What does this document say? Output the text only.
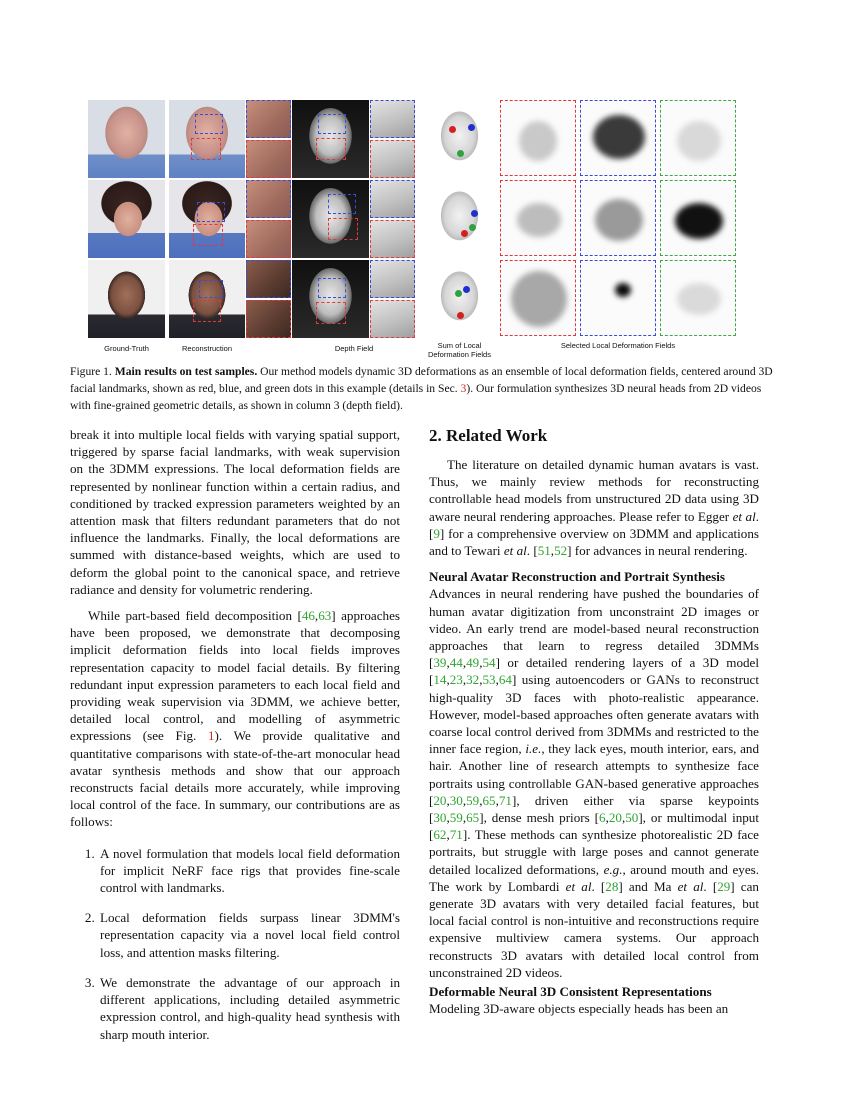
Ground-Truth	Reconstruction	Depth Field	Sum of Local
Deformation Fields
Selected Local Deformation Fields
Figure 1. Main results on test samples. Our method models dynamic 3D deformations as an ensemble of local deformation fields, centered around 3D facial landmarks, shown as red, blue, and green dots in this example (details in Sec. 3). Our formulation synthesizes 3D neural heads from 2D videos with fine-grained geometric details, as shown in column 3 (depth field).

break it into multiple local fields with varying spatial support, triggered by sparse facial landmarks, with weak supervision on the 3DMM expressions. The local deformation fields are represented by nonlinear function within a certain radius, and conditioned by tracked expression parameters weighted by an attention mask that filters redundant parameters that do not influence the landmarks. Finally, the local deformations are summed with distance-based weights, which are used to deform the global point to the canonical space, and retrieve radiance and density for volumetric rendering.

While part-based field decomposition [46,63] approaches have been proposed, we demonstrate that decomposing implicit deformation fields into local fields improves representation capacity to model facial details. By filtering redundant input expression parameters to each local field and providing weak supervision via 3DMM, we achieve better, detailed local control, and modelling of asymmetric expressions (see Fig. 1). We provide qualitative and quantitative comparisons with state-of-the-art monocular head avatar synthesis methods and show that our approach reconstructs facial details more accurately, while improving local control of the face. In summary, our contributions are as follows:

1. A novel formulation that models local field deformation for implicit NeRF face rigs that provides fine-scale control with landmarks.
2. Local deformation fields surpass linear 3DMM's representation capacity via a novel local field control loss, and attention masks filtering.
3. We demonstrate the advantage of our approach in different applications, including detailed asymmetric expression control, and high-quality head synthesis with sharp mouth interior.
2. Related Work

The literature on detailed dynamic human avatars is vast. Thus, we mainly review methods for reconstructing controllable head models from unstructured 2D data using 3D aware neural rendering approaches. Please refer to Egger et al. [9] for a comprehensive overview on 3DMM and applications and to Tewari et al. [51,52] for advances in neural rendering.

Neural Avatar Reconstruction and Portrait Synthesis
Advances in neural rendering have pushed the boundaries of human avatar digitization from unconstraint 2D images or video. An early trend are model-based neural reconstruction approaches that learn to regress detailed 3DMMs [39,44,49,54] or detailed rendering layers of a 3D model [14,23,32,53,64] using autoencoders or GANs to reconstruct high-quality 3D faces with photo-realistic appearance. However, model-based approaches often generate avatars with coarse local control derived from 3DMMs and restricted to the inner face region, i.e., they lack eyes, mouth interior, ears, and hair. Another line of research attempts to synthesize face portraits using controllable GAN-based generative approaches [20,30,59,65,71], driven either via sparse keypoints [30,59,65], dense mesh priors [6,20,50], or multimodal input [62,71]. These methods can synthesize photorealistic 2D face portraits, but struggle with large poses and cannot generate detailed localized deformations, e.g., around mouth and eyes. The work by Lombardi et al. [28] and Ma et al. [29] can generate 3D avatars with very detailed facial features, but local facial control is non-intuitive and reconstructions require expensive multiview camera systems. Our approach reconstructs 3D avatars with detailed local control from unconstrained 2D videos.

Deformable Neural 3D Consistent Representations
Modeling 3D-aware objects especially heads has been an
